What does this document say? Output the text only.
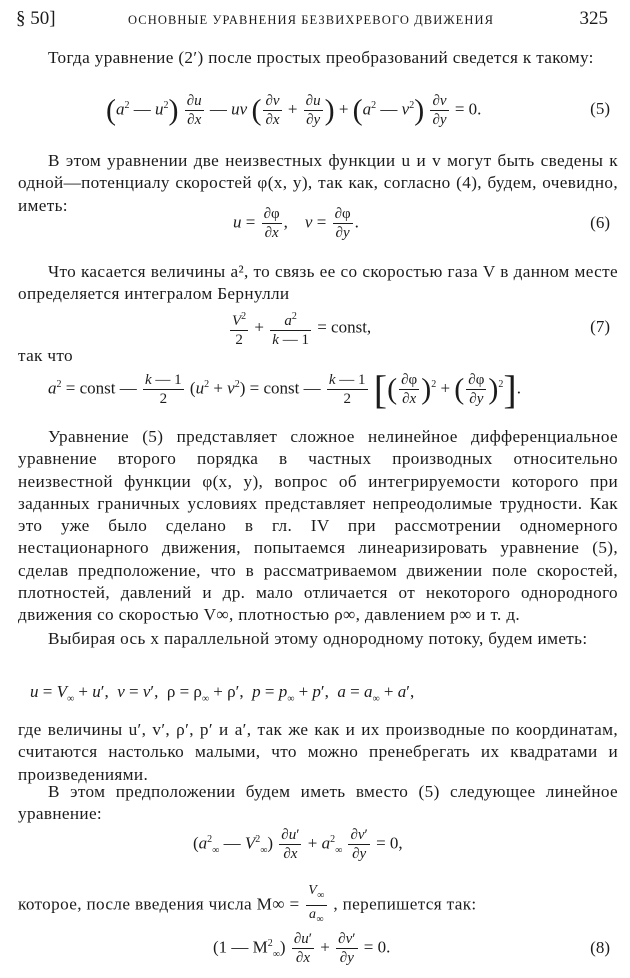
§ 50]	ОСНОВНЫЕ УРАВНЕНИЯ БЕЗВИХРЕВОГО ДВИЖЕНИЯ	325
Тогда уравнение (2′) после простых преобразований сведется к такому:
($a^2$ — $u^2) \frac{\partial u}{\partial x}$ — uv ( $\frac{\partial v}{\partial x} + \frac{\partial u}{\partial y}$ ) + ($a^2$ — $v^2) \frac{\partial v}{\partial y} = 0$.	(5)
В этом уравнении две неизвестных функции u и v могут быть сведены к одной—потенциалу скоростей φ(x, y), так как, согласно (4), будем, очевидно, иметь:
$u = \frac{\partial\varphi}{\partial x}$ ,    $v = \frac{\partial\varphi}{\partial y}$ .	(6)
Что касается величины a², то связь ее со скоростью газа V в данном месте определяется интегралом Бернулли
$\frac{V^2}{2} + \frac{a^2}{k — 1}$ = const,	(7)
так что
$a^2$ = const — $\frac{k — 1}{2} (u^2 + v^2)$ = const — $\frac{k — 1}{2}$ [( $\frac{\partial\varphi}{\partial x} )^2$ + ( $\frac{\partial\varphi}{\partial y} )^2$].
Уравнение (5) представляет сложное нелинейное дифференциальное уравнение второго порядка в частных производных относительно неизвестной функции φ(x, y), вопрос об интегрируемости которого при заданных граничных условиях представляет непреодолимые трудности. Как это уже было сделано в гл. IV при рассмотрении одномерного нестационарного движения, попытаемся линеаризировать уравнение (5), сделав предположение, что в рассматриваемом движении поле скоростей, плотностей, давлений и др. мало отличается от некоторого однородного движения со скоростью V∞, плотностью ρ∞, давлением p∞ и т. д.
Выбирая ось x параллельной этому однородному потоку, будем иметь:
$u = V_\infty + u'$,  v = v′,  $\rho = \rho_\infty + \rho'$,  $p = p_\infty + p'$,  $a = a_\infty + a'$,
где величины u′, v′, ρ′, p′ и a′, так же как и их производные по координатам, считаются настолько малыми, что можно пренебрегать их квадратами и произведениями.
В этом предположении будем иметь вместо (5) следующее линейное уравнение:
($a^2_\infty$ — $V^2_\infty) \frac{\partial u'}{\partial x} + a^2_\infty \frac{\partial v'}{\partial y} = 0$,
которое, после введения числа $M\infty = \frac{V_\infty}{a_\infty}$ , перепишется так:
(1 — $M^2_\infty) \frac{\partial u'}{\partial x} + \frac{\partial v'}{\partial y} = 0$.	(8)
